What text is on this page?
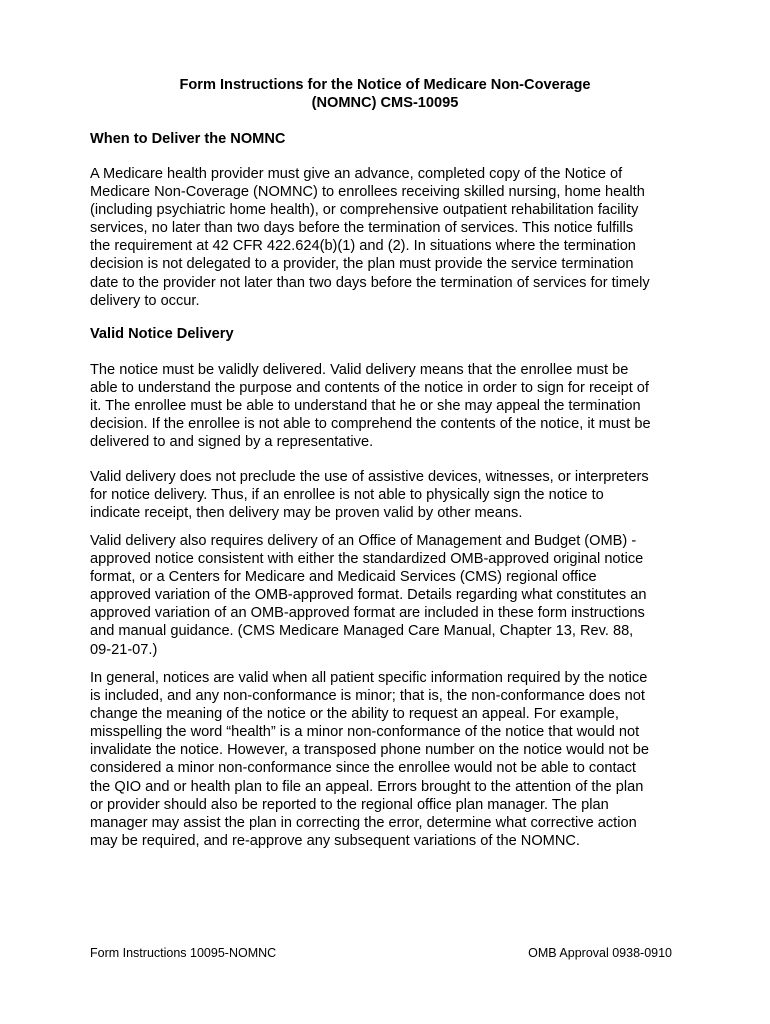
Form Instructions for the Notice of Medicare Non-Coverage
(NOMNC) CMS-10095
When to Deliver the NOMNC
A Medicare health provider must give an advance, completed copy of the Notice of
Medicare Non-Coverage (NOMNC) to enrollees receiving skilled nursing, home health
(including psychiatric home health), or comprehensive outpatient rehabilitation facility
services, no later than two days before the termination of services. This notice fulfills
the requirement at 42 CFR 422.624(b)(1) and (2). In situations where the termination
decision is not delegated to a provider, the plan must provide the service termination
date to the provider not later than two days before the termination of services for timely
delivery to occur.
Valid Notice Delivery
The notice must be validly delivered. Valid delivery means that the enrollee must be
able to understand the purpose and contents of the notice in order to sign for receipt of
it. The enrollee must be able to understand that he or she may appeal the termination
decision. If the enrollee is not able to comprehend the contents of the notice, it must be
delivered to and signed by a representative.
Valid delivery does not preclude the use of assistive devices, witnesses, or interpreters
for notice delivery. Thus, if an enrollee is not able to physically sign the notice to
indicate receipt, then delivery may be proven valid by other means.
Valid delivery also requires delivery of an Office of Management and Budget (OMB) -
approved notice consistent with either the standardized OMB-approved original notice
format, or a Centers for Medicare and Medicaid Services (CMS) regional office
approved variation of the OMB-approved format. Details regarding what constitutes an
approved variation of an OMB-approved format are included in these form instructions
and manual guidance. (CMS Medicare Managed Care Manual, Chapter 13, Rev. 88,
09-21-07.)
In general, notices are valid when all patient specific information required by the notice
is included, and any non-conformance is minor; that is, the non-conformance does not
change the meaning of the notice or the ability to request an appeal. For example,
misspelling the word “health” is a minor non-conformance of the notice that would not
invalidate the notice. However, a transposed phone number on the notice would not be
considered a minor non-conformance since the enrollee would not be able to contact
the QIO and or health plan to file an appeal. Errors brought to the attention of the plan
or provider should also be reported to the regional office plan manager. The plan
manager may assist the plan in correcting the error, determine what corrective action
may be required, and re-approve any subsequent variations of the NOMNC.

Form Instructions 10095-NOMNC	OMB Approval 0938-0910
